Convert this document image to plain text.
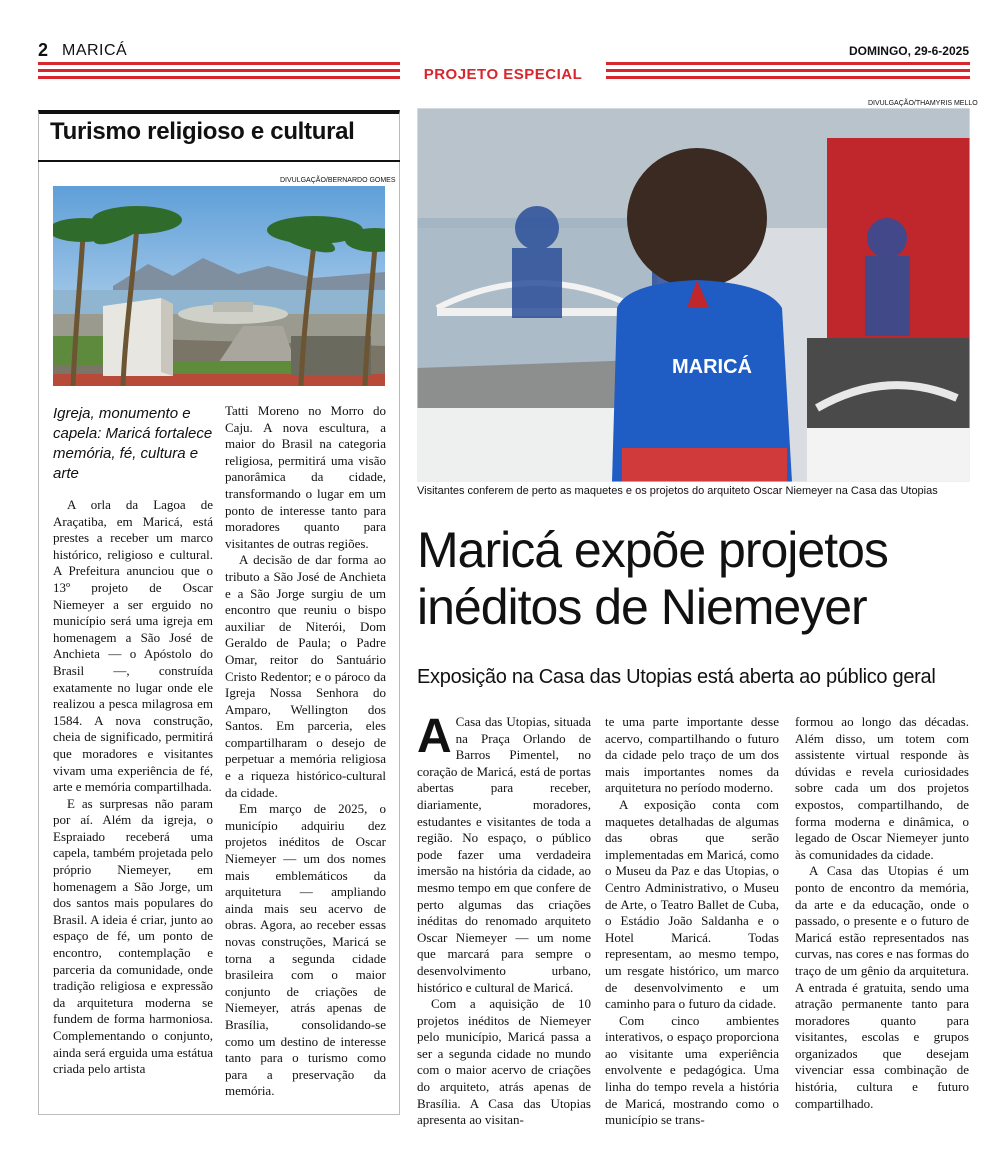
2 MARICÁ	DOMINGO, 29-6-2025
PROJETO ESPECIAL
Turismo religioso e cultural
DIVULGAÇÃO/BERNARDO GOMES
Igreja, monumento e capela: Maricá fortalece memória, fé, cultura e arte

A orla da Lagoa de Araçatiba, em Maricá, está prestes a receber um marco histórico, religioso e cultural. A Prefeitura anunciou que o 13º projeto de Oscar Niemeyer a ser erguido no município será uma igreja em homenagem a São José de Anchieta — o Apóstolo do Brasil —, construída exatamente no lugar onde ele realizou a pesca milagrosa em 1584. A nova construção, cheia de significado, permitirá que moradores e visitantes vivam uma experiência de fé, arte e memória compartilhada.

E as surpresas não param por aí. Além da igreja, o Espraiado receberá uma capela, também projetada pelo próprio Niemeyer, em homenagem a São Jorge, um dos santos mais populares do Brasil. A ideia é criar, junto ao espaço de fé, um ponto de encontro, contemplação e parceria da comunidade, onde tradição religiosa e expressão da arquitetura moderna se fundem de forma harmoniosa. Complementando o conjunto, ainda será erguida uma estátua criada pelo artista

Tatti Moreno no Morro do Caju. A nova escultura, a maior do Brasil na categoria religiosa, permitirá uma visão panorâmica da cidade, transformando o lugar em um ponto de interesse tanto para moradores quanto para visitantes de outras regiões.

A decisão de dar forma ao tributo a São José de Anchieta e a São Jorge surgiu de um encontro que reuniu o bispo auxiliar de Niterói, Dom Geraldo de Paula; o Padre Omar, reitor do Santuário Cristo Redentor; e o pároco da Igreja Nossa Senhora do Amparo, Wellington dos Santos. Em parceria, eles compartilharam o desejo de perpetuar a memória religiosa e a riqueza histórico-cultural da cidade.

Em março de 2025, o município adquiriu dez projetos inéditos de Oscar Niemeyer — um dos nomes mais emblemáticos da arquitetura — ampliando ainda mais seu acervo de obras. Agora, ao receber essas novas construções, Maricá se torna a segunda cidade brasileira com o maior conjunto de criações de Niemeyer, atrás apenas de Brasília, consolidando-se como um destino de interesse tanto para o turismo como para a preservação da memória.

DIVULGAÇÃO/THAMYRIS MELLO
MARICÁ
Visitantes conferem de perto as maquetes e os projetos do arquiteto Oscar Niemeyer na Casa das Utopias
Maricá expõe projetos inéditos de Niemeyer
Exposição na Casa das Utopias está aberta ao público geral

A Casa das Utopias, situada na Praça Orlando de Barros Pimentel, no coração de Maricá, está de portas abertas para receber, diariamente, moradores, estudantes e visitantes de toda a região. No espaço, o público pode fazer uma verdadeira imersão na história da cidade, ao mesmo tempo em que confere de perto algumas das criações inéditas do renomado arquiteto Oscar Niemeyer — um nome que marcará para sempre o desenvolvimento urbano, histórico e cultural de Maricá.

Com a aquisição de 10 projetos inéditos de Niemeyer pelo município, Maricá passa a ser a segunda cidade no mundo com o maior acervo de criações do arquiteto, atrás apenas de Brasília. A Casa das Utopias apresenta ao visitan-

te uma parte importante desse acervo, compartilhando o futuro da cidade pelo traço de um dos mais importantes nomes da arquitetura no período moderno.

A exposição conta com maquetes detalhadas de algumas das obras que serão implementadas em Maricá, como o Museu da Paz e das Utopias, o Centro Administrativo, o Museu de Arte, o Teatro Ballet de Cuba, o Estádio João Saldanha e o Hotel Maricá. Todas representam, ao mesmo tempo, um resgate histórico, um marco de desenvolvimento e um caminho para o futuro da cidade.

Com cinco ambientes interativos, o espaço proporciona ao visitante uma experiência envolvente e pedagógica. Uma linha do tempo revela a história de Maricá, mostrando como o município se trans-

formou ao longo das décadas. Além disso, um totem com assistente virtual responde às dúvidas e revela curiosidades sobre cada um dos projetos expostos, compartilhando, de forma moderna e dinâmica, o legado de Oscar Niemeyer junto às comunidades da cidade.

A Casa das Utopias é um ponto de encontro da memória, da arte e da educação, onde o passado, o presente e o futuro de Maricá estão representados nas curvas, nas cores e nas formas do traço de um gênio da arquitetura. A entrada é gratuita, sendo uma atração permanente tanto para moradores quanto para visitantes, escolas e grupos organizados que desejam vivenciar essa combinação de história, cultura e futuro compartilhado.
